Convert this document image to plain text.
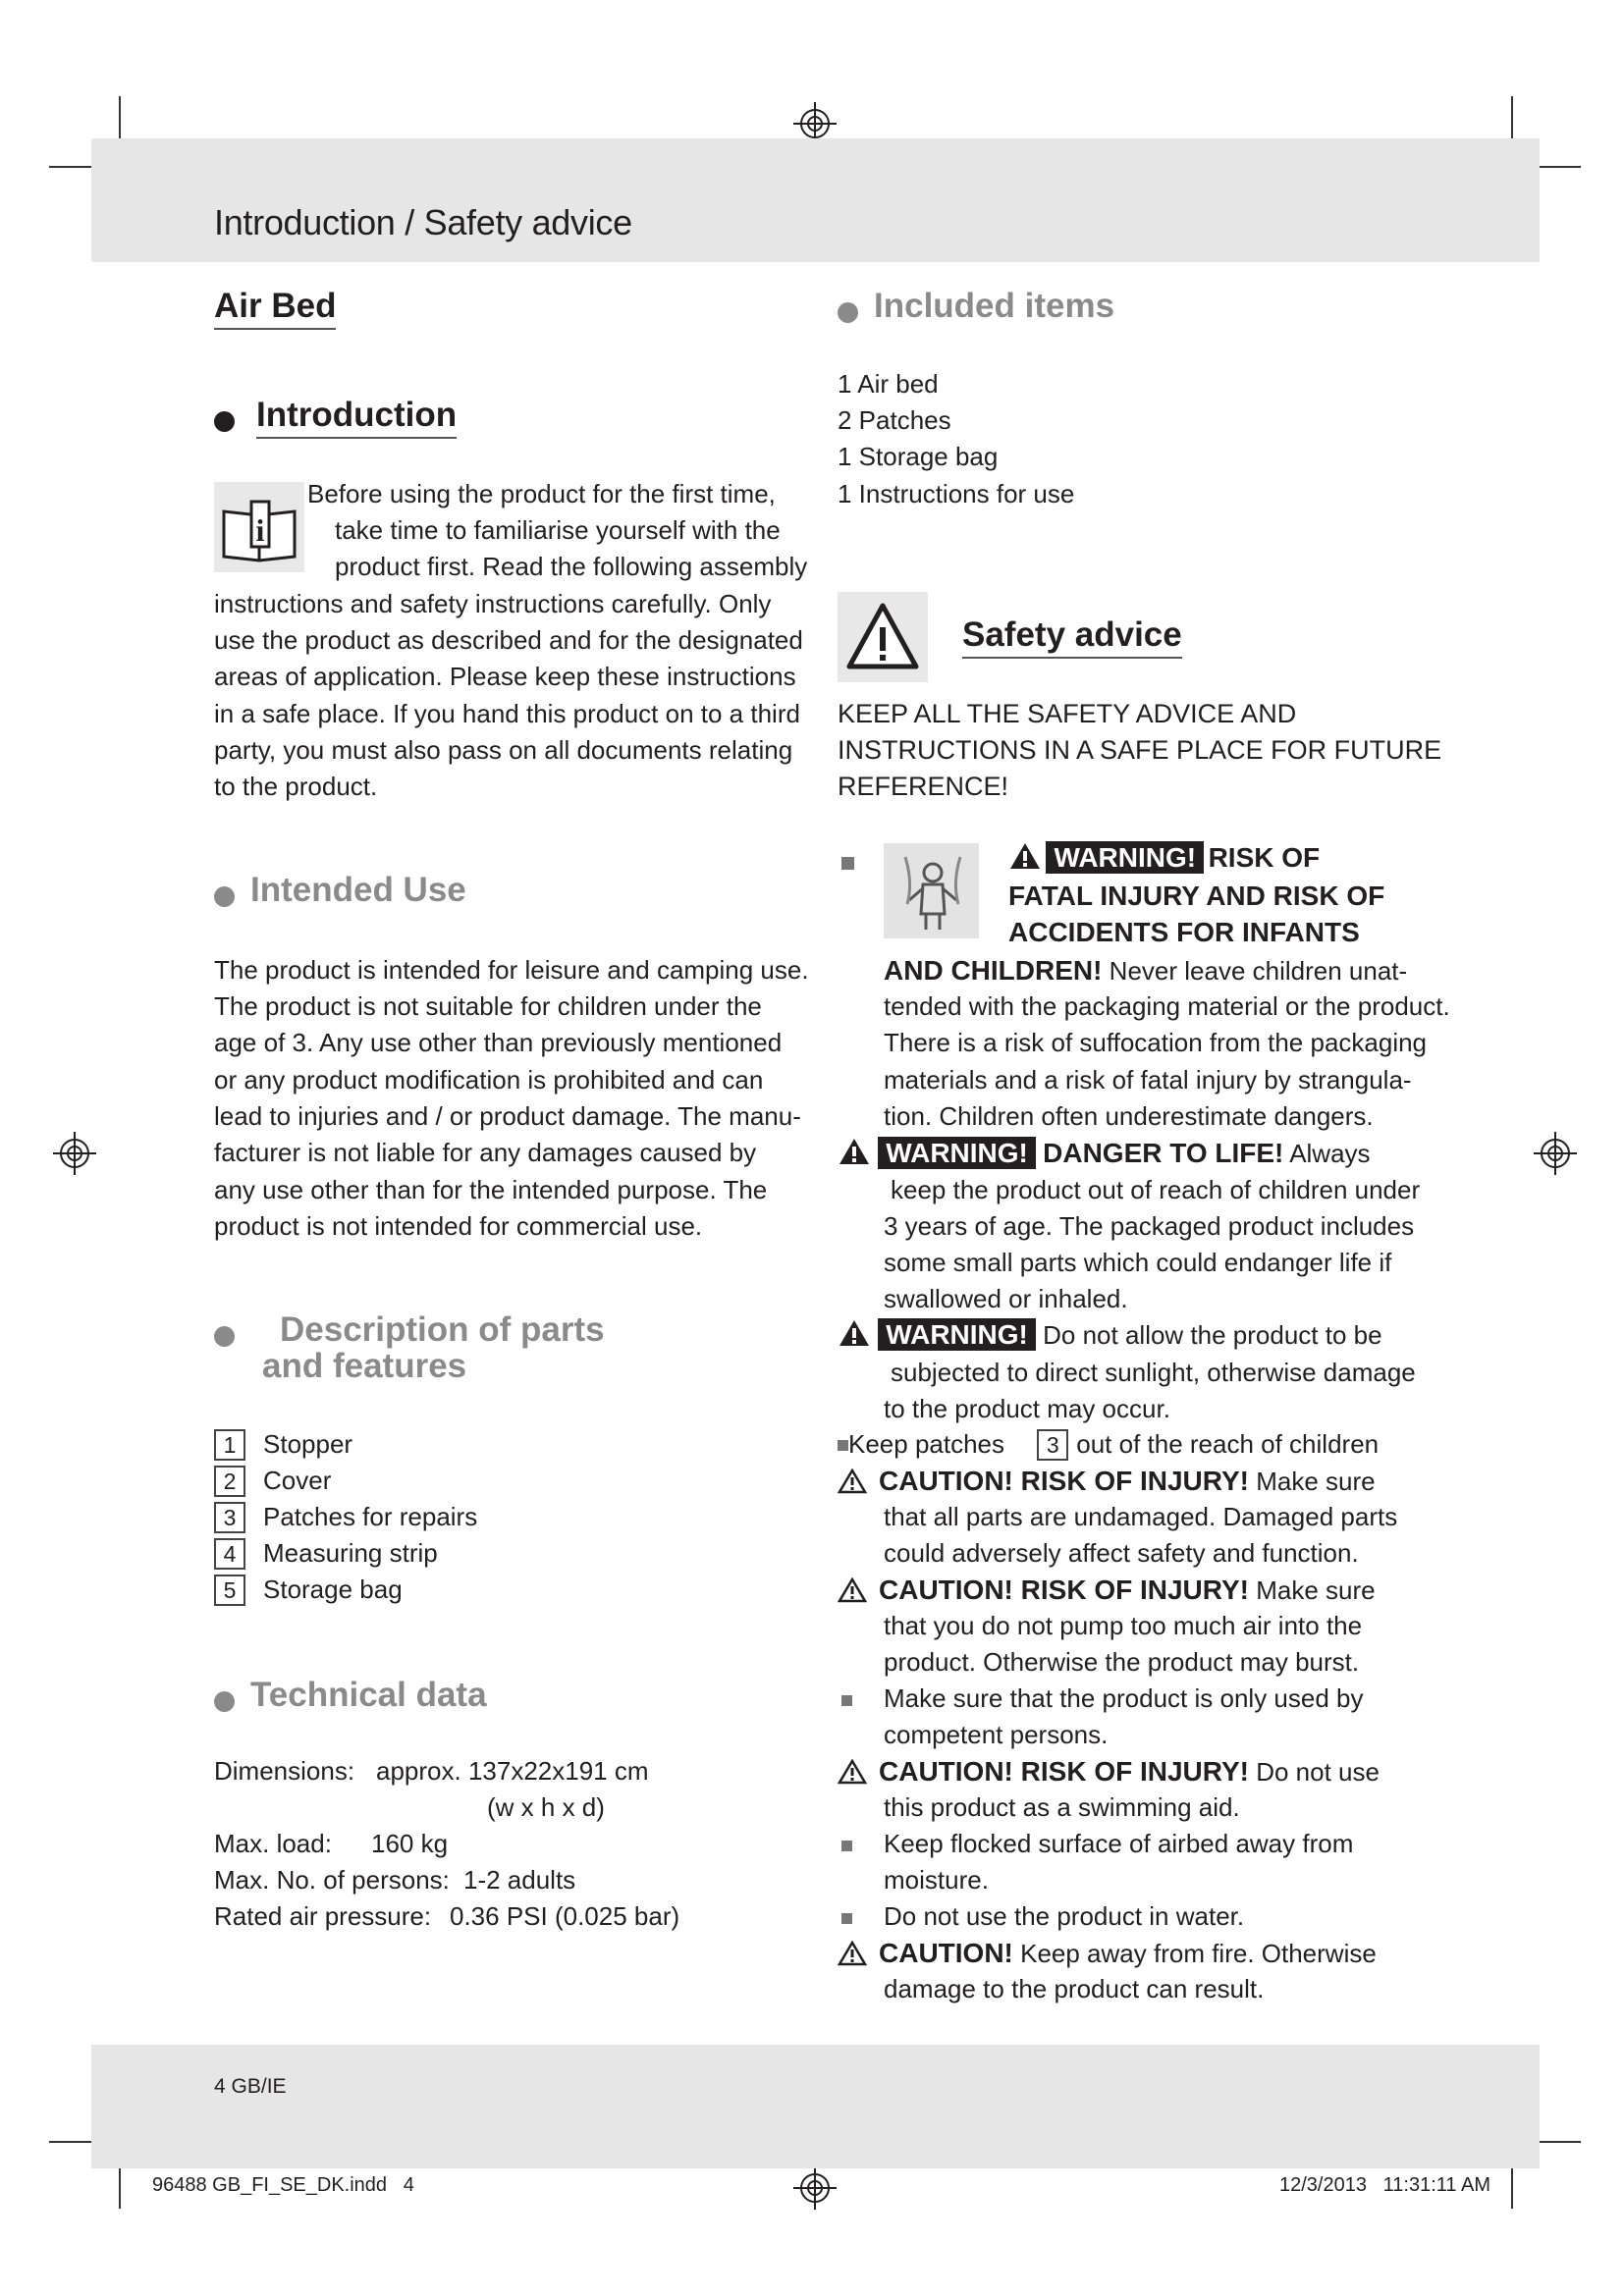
Introduction / Safety advice
Air Bed
Introduction
i
Before using the product for the first time,
take time to familiarise yourself with the
product first. Read the following assembly
instructions and safety instructions carefully. Only
use the product as described and for the designated
areas of application. Please keep these instructions
in a safe place. If you hand this product on to a third
party, you must also pass on all documents relating
to the product.
Intended Use
The product is intended for leisure and camping use.
The product is not suitable for children under the
age of 3. Any use other than previously mentioned
or any product modification is prohibited and can
lead to injuries and / or product damage. The manu-
facturer is not liable for any damages caused by
any use other than for the intended purpose. The
product is not intended for commercial use.
Description of parts
and features
1 Stopper
2 Cover
3 Patches for repairs
4 Measuring strip
5 Storage bag
Technical data
Dimensions: approx. 137x22x191 cm
(w x h x d)
Max. load: 160 kg
Max. No. of persons: 1-2 adults
Rated air pressure: 0.36 PSI (0.025 bar)
Included items
1 Air bed
2 Patches
1 Storage bag
1 Instructions for use
Safety advice
KEEP ALL THE SAFETY ADVICE AND
INSTRUCTIONS IN A SAFE PLACE FOR FUTURE
REFERENCE!
WARNING! RISK OF
FATAL INJURY AND RISK OF
ACCIDENTS FOR INFANTS
AND CHILDREN! Never leave children unat-
tended with the packaging material or the product.
There is a risk of suffocation from the packaging
materials and a risk of fatal injury by strangula-
tion. Children often underestimate dangers.
WARNING! DANGER TO LIFE! Always
keep the product out of reach of children under
3 years of age. The packaged product includes
some small parts which could endanger life if
swallowed or inhaled.
WARNING! Do not allow the product to be
subjected to direct sunlight, otherwise damage
to the product may occur.
Keep patches 3 out of the reach of children
CAUTION! RISK OF INJURY! Make sure
that all parts are undamaged. Damaged parts
could adversely affect safety and function.
CAUTION! RISK OF INJURY! Make sure
that you do not pump too much air into the
product. Otherwise the product may burst.
Make sure that the product is only used by
competent persons.
CAUTION! RISK OF INJURY! Do not use
this product as a swimming aid.
Keep flocked surface of airbed away from
moisture.
Do not use the product in water.
CAUTION! Keep away from fire. Otherwise
damage to the product can result.
4 GB/IE
96488 GB_FI_SE_DK.indd   4	12/3/2013   11:31:11 AM
